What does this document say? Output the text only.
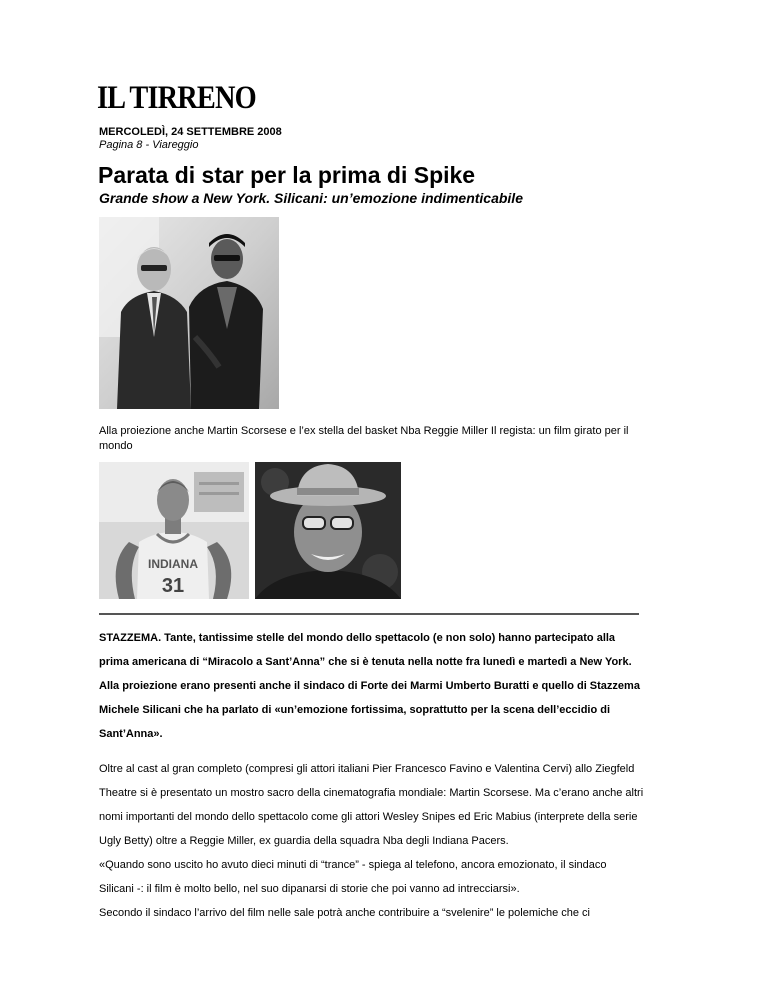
IL TIRRENO
MERCOLEDÌ, 24 SETTEMBRE 2008
Pagina 8 - Viareggio
Parata di star per la prima di Spike
Grande show a New York. Silicani: un’emozione indimenticabile
Alla proiezione anche Martin Scorsese e l’ex stella del basket Nba Reggie Miller Il regista: un film girato per il mondo
INDIANA
31

STAZZEMA. Tante, tantissime stelle del mondo dello spettacolo (e non solo) hanno partecipato alla prima americana di “Miracolo a Sant’Anna” che si è tenuta nella notte fra lunedì e martedì a New York. Alla proiezione erano presenti anche il sindaco di Forte dei Marmi Umberto Buratti e quello di Stazzema Michele Silicani che ha parlato di «un’emozione fortissima, soprattutto per la scena dell’eccidio di Sant’Anna».

Oltre al cast al gran completo (compresi gli attori italiani Pier Francesco Favino e Valentina Cervi) allo Ziegfeld Theatre si è presentato un mostro sacro della cinematografia mondiale: Martin Scorsese. Ma c’erano anche altri nomi importanti del mondo dello spettacolo come gli attori Wesley Snipes ed Eric Mabius (interprete della serie Ugly Betty) oltre a Reggie Miller, ex guardia della squadra Nba degli Indiana Pacers.

«Quando sono uscito ho avuto dieci minuti di “trance” - spiega al telefono, ancora emozionato, il sindaco Silicani -: il film è molto bello, nel suo dipanarsi di storie che poi vanno ad intrecciarsi».

Secondo il sindaco l’arrivo del film nelle sale potrà anche contribuire a “svelenire” le polemiche che ci
